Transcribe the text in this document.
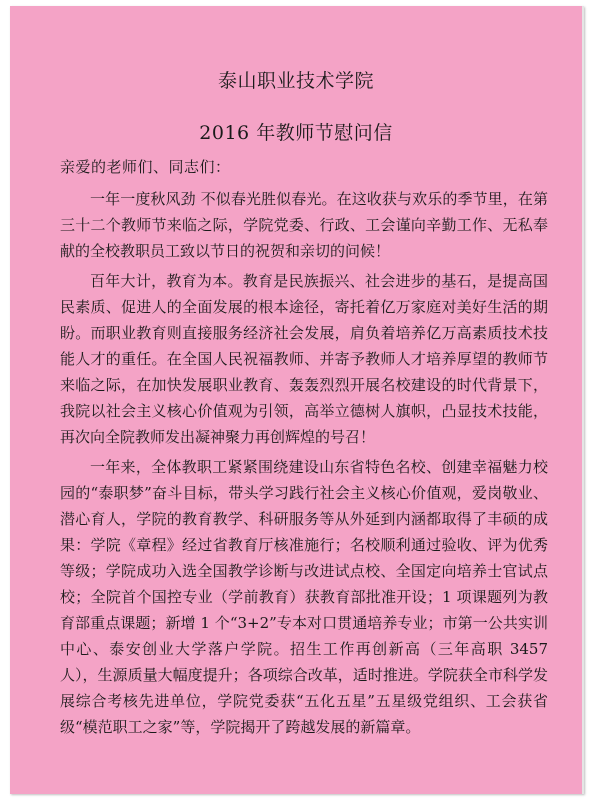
泰山职业技术学院
2016 年教师节慰问信
亲爱的老师们、同志们：

一年一度秋风劲 不似春光胜似春光。在这收获与欢乐的季节里，在第三十二个教师节来临之际，学院党委、行政、工会谨向辛勤工作、无私奉献的全校教职员工致以节日的祝贺和亲切的问候！

百年大计，教育为本。教育是民族振兴、社会进步的基石，是提高国民素质、促进人的全面发展的根本途径，寄托着亿万家庭对美好生活的期盼。而职业教育则直接服务经济社会发展，肩负着培养亿万高素质技术技能人才的重任。在全国人民祝福教师、并寄予教师人才培养厚望的教师节来临之际，在加快发展职业教育、轰轰烈烈开展名校建设的时代背景下，我院以社会主义核心价值观为引领，高举立德树人旗帜，凸显技术技能，再次向全院教师发出凝神聚力再创辉煌的号召！

一年来，全体教职工紧紧围绕建设山东省特色名校、创建幸福魅力校园的“泰职梦”奋斗目标，带头学习践行社会主义核心价值观，爱岗敬业、潜心育人，学院的教育教学、科研服务等从外延到内涵都取得了丰硕的成果：学院《章程》经过省教育厅核准施行；名校顺利通过验收、评为优秀等级；学院成功入选全国教学诊断与改进试点校、全国定向培养士官试点校；全院首个国控专业（学前教育）获教育部批准开设；1 项课题列为教育部重点课题；新增 1 个“3+2”专本对口贯通培养专业；市第一公共实训中心、泰安创业大学落户学院。招生工作再创新高（三年高职 3457 人），生源质量大幅度提升；各项综合改革，适时推进。学院获全市科学发展综合考核先进单位，学院党委获“五化五星”五星级党组织、工会获省级“模范职工之家”等，学院揭开了跨越发展的新篇章。
